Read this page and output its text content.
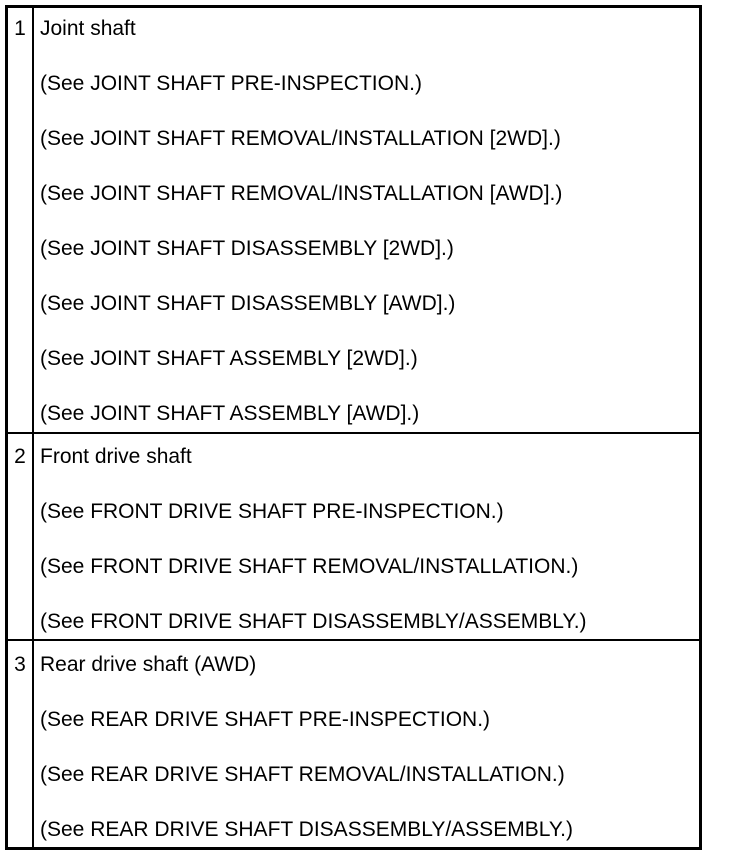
1 Joint shaft
(See JOINT SHAFT PRE-INSPECTION.)
(See JOINT SHAFT REMOVAL/INSTALLATION [2WD].)
(See JOINT SHAFT REMOVAL/INSTALLATION [AWD].)
(See JOINT SHAFT DISASSEMBLY [2WD].)
(See JOINT SHAFT DISASSEMBLY [AWD].)
(See JOINT SHAFT ASSEMBLY [2WD].)
(See JOINT SHAFT ASSEMBLY [AWD].)
2 Front drive shaft
(See FRONT DRIVE SHAFT PRE-INSPECTION.)
(See FRONT DRIVE SHAFT REMOVAL/INSTALLATION.)
(See FRONT DRIVE SHAFT DISASSEMBLY/ASSEMBLY.)
3 Rear drive shaft (AWD)
(See REAR DRIVE SHAFT PRE-INSPECTION.)
(See REAR DRIVE SHAFT REMOVAL/INSTALLATION.)
(See REAR DRIVE SHAFT DISASSEMBLY/ASSEMBLY.)
